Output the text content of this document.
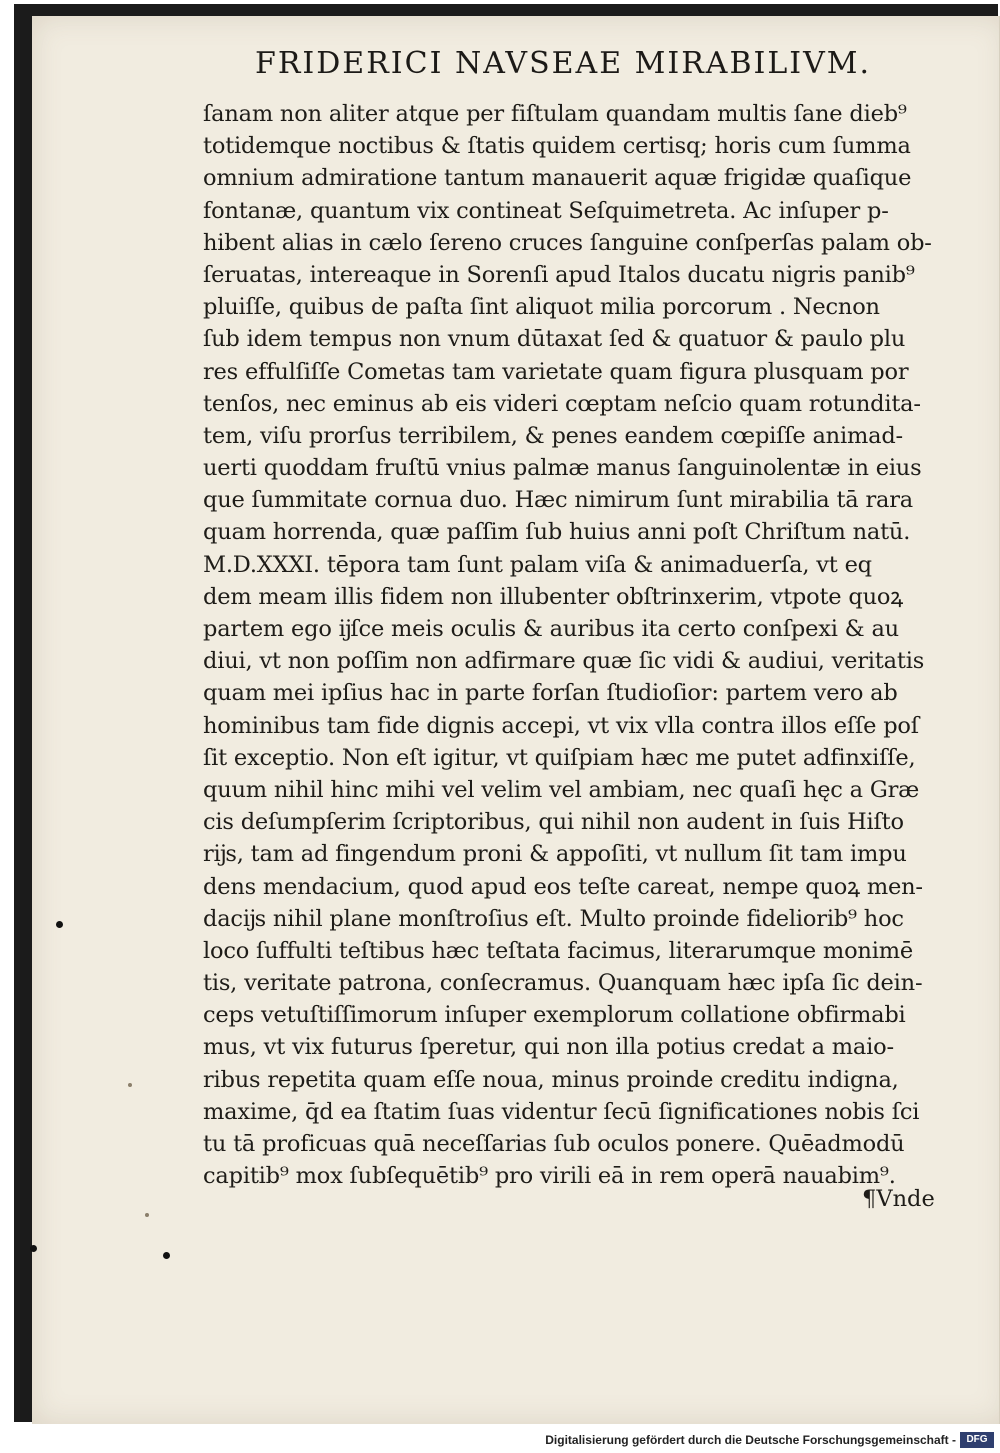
FRIDERICI NAVSEAE MIRABILIVM.
ſanam non aliter atque per fiſtulam quandam multis ſane dieb⁹
totidemque noctibus & ſtatis quidem certisq; horis cum ſumma
omnium admiratione tantum manauerit aquæ frigidæ quaſique
fontanæ, quantum vix contineat Seſquimetreta. Ac inſuper p-
hibent alias in cælo ſereno cruces ſanguine conſperſas palam ob-
ſeruatas, intereaque in Sorenſi apud Italos ducatu nigris panib⁹
pluiſſe, quibus de paſta ſint aliquot milia porcorum . Necnon
ſub idem tempus non vnum dūtaxat ſed & quatuor & paulo plu
res effulſiſſe Cometas tam varietate quam figura plusquam por
tenſos, nec eminus ab eis videri cœptam neſcio quam rotundita-
tem, viſu prorſus terribilem, & penes eandem cœpiſſe animad-
uerti quoddam fruſtū vnius palmæ manus ſanguinolentæ in eius
que ſummitate cornua duo. Hæc nimirum ſunt mirabilia tā rara
quam horrenda, quæ paſſim ſub huius anni poſt Chriſtum natū.
M.D.XXXI. tēpora tam ſunt palam viſa & animaduerſa, vt eq
dem meam illis fidem non illubenter obſtrinxerim, vtpote quoꝝ
partem ego ĳſce meis oculis & auribus ita certo conſpexi & au
diui, vt non poſſim non adfirmare quæ ſic vidi & audiui, veritatis
quam mei ipſius hac in parte forſan ſtudioſior: partem vero ab
hominibus tam fide dignis accepi, vt vix vlla contra illos eſſe poſ
ſit exceptio. Non eſt igitur, vt quiſpiam hæc me putet adfinxiſſe,
quum nihil hinc mihi vel velim vel ambiam, nec quaſi hęc a Græ
cis deſumpſerim ſcriptoribus, qui nihil non audent in ſuis Hiſto
rĳs, tam ad fingendum proni & appoſiti, vt nullum ſit tam impu
dens mendacium, quod apud eos teſte careat, nempe quoꝝ men-
dacĳs nihil plane monſtroſius eſt. Multo proinde fideliorib⁹ hoc
loco ſuffulti teſtibus hæc teſtata facimus, literarumque monimē
tis, veritate patrona, conſecramus. Quanquam hæc ipſa ſic dein-
ceps vetuſtiſſimorum inſuper exemplorum collatione obfirmabi
mus, vt vix futurus ſperetur, qui non illa potius credat a maio-
ribus repetita quam eſſe noua, minus proinde creditu indigna,
maxime, q̄d ea ſtatim ſuas videntur ſecū ſignificationes nobis ſci
tu tā proficuas quā neceſſarias ſub oculos ponere. Quēadmodū
capitib⁹ mox ſubſequētib⁹ pro virili eā in rem operā nauabim⁹.
¶Vnde
Digitalisierung gefördert durch die Deutsche Forschungsgemeinschaft -	DFG
